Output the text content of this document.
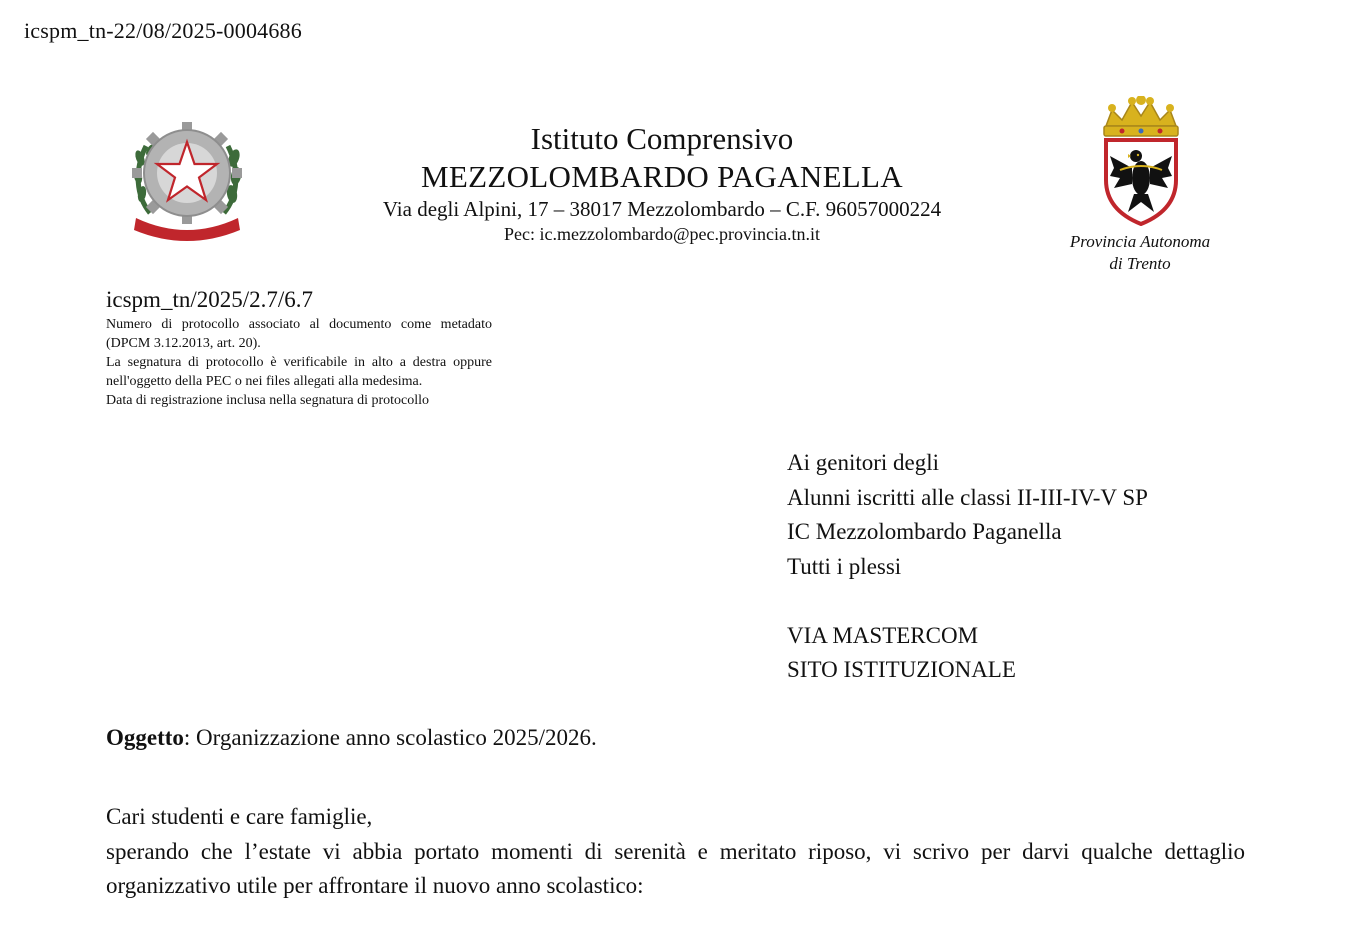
icspm_tn-22/08/2025-0004686
Istituto Comprensivo
MEZZOLOMBARDO PAGANELLA
Via degli Alpini, 17 – 38017 Mezzolombardo – C.F. 96057000224
Pec: ic.mezzolombardo@pec.provincia.tn.it	Provincia Autonoma
di Trento
icspm_tn/2025/2.7/6.7

Numero di protocollo associato al documento come metadato (DPCM 3.12.2013, art. 20).

La segnatura di protocollo è verificabile in alto a destra oppure nell'oggetto della PEC o nei files allegati alla medesima.

Data di registrazione inclusa nella segnatura di protocollo

Ai genitori degli
Alunni iscritti alle classi II-III-IV-V SP
IC Mezzolombardo Paganella
Tutti i plessi
VIA MASTERCOM
SITO ISTITUZIONALE
Oggetto: Organizzazione anno scolastico 2025/2026.

Cari studenti e care famiglie,

sperando che l’estate vi abbia portato momenti di serenità e meritato riposo, vi scrivo per darvi qualche dettaglio organizzativo utile per affrontare il nuovo anno scolastico:
